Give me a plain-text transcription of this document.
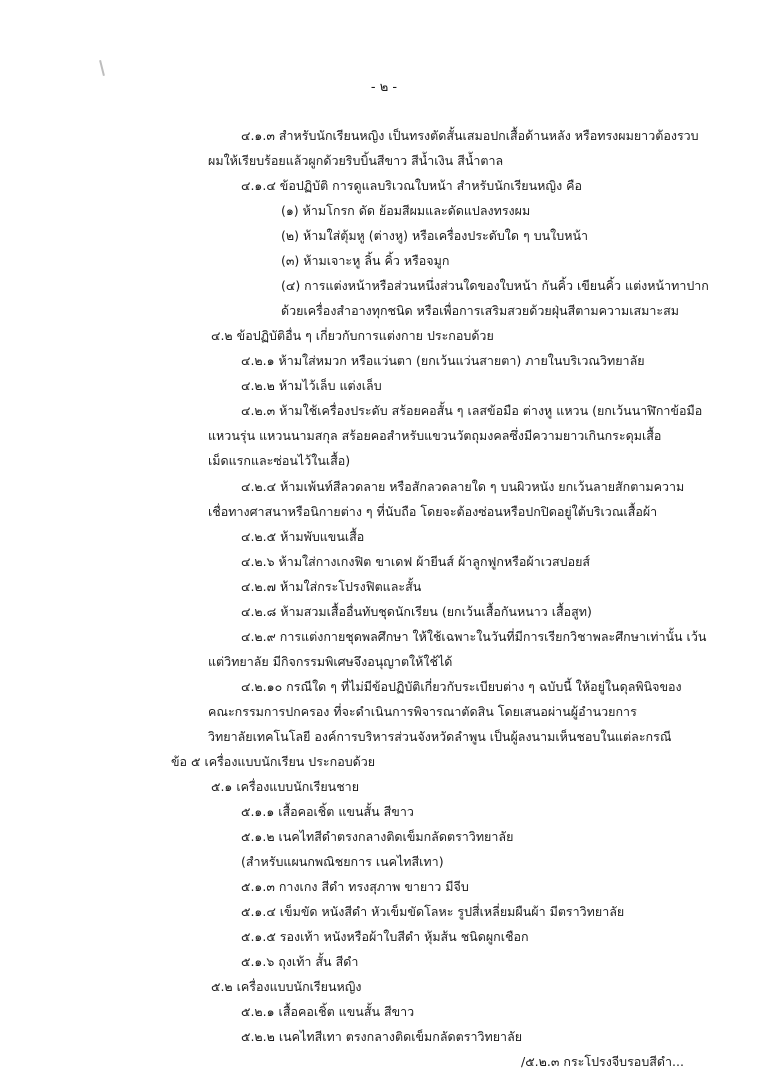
- ๒ -
๔.๑.๓ สำหรับนักเรียนหญิง เป็นทรงตัดสั้นเสมอปกเสื้อด้านหลัง หรือทรงผมยาวต้องรวบ
ผมให้เรียบร้อยแล้วผูกด้วยริบบิ้นสีขาว สีน้ำเงิน สีน้ำตาล
๔.๑.๔ ข้อปฏิบัติ การดูแลบริเวณใบหน้า สำหรับนักเรียนหญิง คือ
(๑) ห้ามโกรก ดัด ย้อมสีผมและดัดแปลงทรงผม
(๒) ห้ามใส่ตุ้มหู (ต่างหู) หรือเครื่องประดับใด ๆ บนใบหน้า
(๓) ห้ามเจาะหู ลิ้น คิ้ว หรือจมูก
(๔) การแต่งหน้าหรือส่วนหนึ่งส่วนใดของใบหน้า กันคิ้ว เขียนคิ้ว แต่งหน้าทาปาก
ด้วยเครื่องสำอางทุกชนิด หรือเพื่อการเสริมสวยด้วยฝุ่นสีตามความเสมาะสม
๔.๒ ข้อปฏิบัติอื่น ๆ เกี่ยวกับการแต่งกาย ประกอบด้วย
๔.๒.๑ ห้ามใส่หมวก หรือแว่นตา (ยกเว้นแว่นสายตา) ภายในบริเวณวิทยาลัย
๔.๒.๒ ห้ามไว้เล็บ แต่งเล็บ
๔.๒.๓ ห้ามใช้เครื่องประดับ สร้อยคอสั้น ๆ เลสข้อมือ ต่างหู แหวน (ยกเว้นนาฬิกาข้อมือ
แหวนรุ่น แหวนนามสกุล สร้อยคอสำหรับแขวนวัตถุมงคลซึ่งมีความยาวเกินกระดุมเสื้อ
เม็ดแรกและซ่อนไว้ในเสื้อ)
๔.๒.๔ ห้ามเพ้นท์สีลวดลาย หรือสักลวดลายใด ๆ บนผิวหนัง ยกเว้นลายสักตามความ
เชื่อทางศาสนาหรือนิกายต่าง ๆ ที่นับถือ โดยจะต้องซ่อนหรือปกปิดอยู่ใต้บริเวณเสื้อผ้า
๔.๒.๕ ห้ามพับแขนเสื้อ
๔.๒.๖ ห้ามใส่กางเกงฟิต ขาเดฟ ผ้ายีนส์ ผ้าลูกฟูกหรือผ้าเวสปอยส์
๔.๒.๗ ห้ามใส่กระโปรงฟิตและสั้น
๔.๒.๘ ห้ามสวมเสื้ออื่นทับชุดนักเรียน (ยกเว้นเสื้อกันหนาว เสื้อสูท)
๔.๒.๙ การแต่งกายชุดพลศึกษา ให้ใช้เฉพาะในวันที่มีการเรียกวิชาพละศึกษาเท่านั้น เว้น
แต่วิทยาลัย มีกิจกรรมพิเศษจึงอนุญาตให้ใช้ได้
๔.๒.๑๐ กรณีใด ๆ ที่ไม่มีข้อปฏิบัติเกี่ยวกับระเบียบต่าง ๆ ฉบับนี้ ให้อยู่ในดุลพินิจของ
คณะกรรมการปกครอง ที่จะดำเนินการพิจารณาตัดสิน โดยเสนอผ่านผู้อำนวยการ
วิทยาลัยเทคโนโลยี องค์การบริหารส่วนจังหวัดลำพูน เป็นผู้ลงนามเห็นชอบในแต่ละกรณี
ข้อ ๕ เครื่องแบบนักเรียน ประกอบด้วย
๕.๑ เครื่องแบบนักเรียนชาย
๕.๑.๑ เสื้อคอเชิ้ต แขนสั้น สีขาว
๕.๑.๒ เนคไทสีดำตรงกลางติดเข็มกลัดตราวิทยาลัย
(สำหรับแผนกพณิชยการ เนคไทสีเทา)
๕.๑.๓ กางเกง สีดำ ทรงสุภาพ ขายาว มีจีบ
๕.๑.๔ เข็มขัด หนังสีดำ หัวเข็มขัดโลหะ รูปสี่เหลี่ยมผืนผ้า มีตราวิทยาลัย
๕.๑.๕ รองเท้า หนังหรือผ้าใบสีดำ หุ้มส้น ชนิดผูกเชือก
๕.๑.๖ ถุงเท้า สั้น สีดำ
๕.๒ เครื่องแบบนักเรียนหญิง
๕.๒.๑ เสื้อคอเชิ้ต แขนสั้น สีขาว
๕.๒.๒ เนคไทสีเทา ตรงกลางติดเข็มกลัดตราวิทยาลัย
/๕.๒.๓ กระโปรงจีบรอบสีดำ...
